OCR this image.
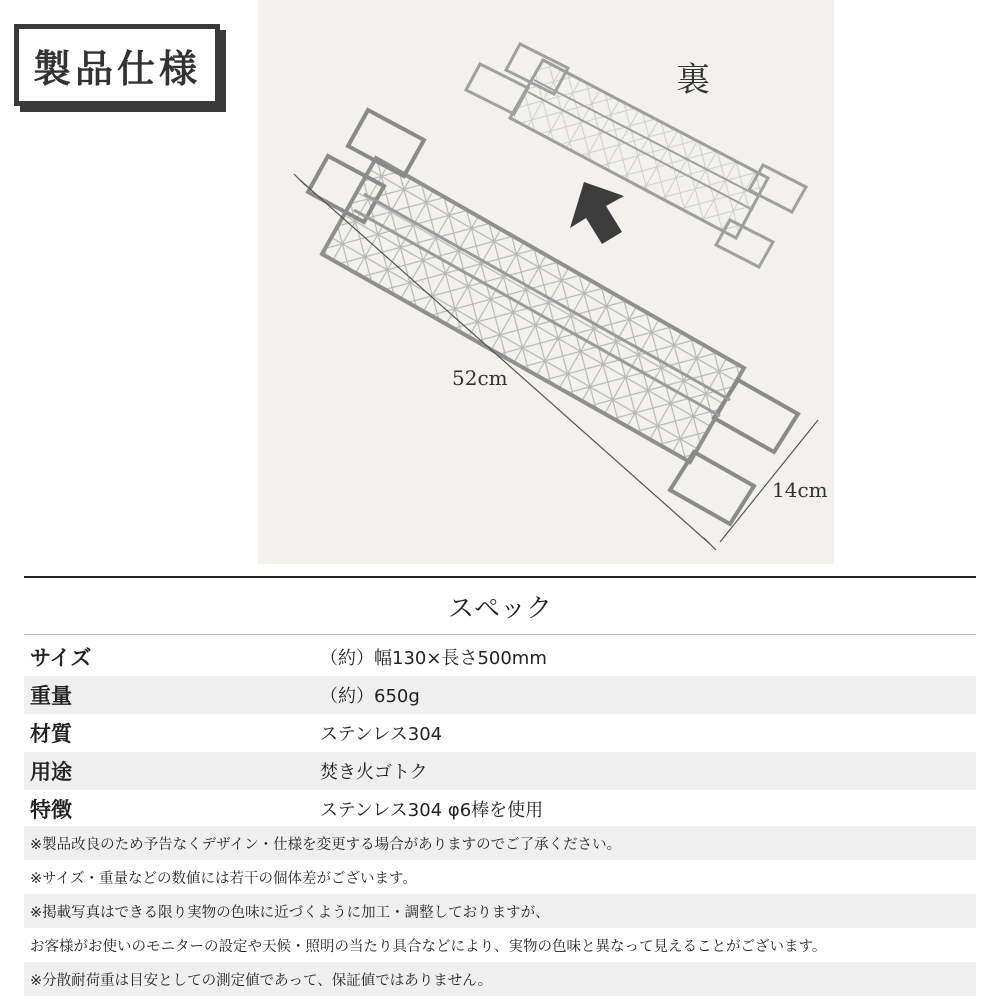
製品仕様	裏
52cm
14cm
スペック
サイズ	（約）幅130×長さ500mm
重量	（約）650g
材質	ステンレス304
用途	焚き火ゴトク
特徴	ステンレス304 φ6棒を使用
※製品改良のため予告なくデザイン・仕様を変更する場合がありますのでご了承ください。
※サイズ・重量などの数値には若干の個体差がございます。
※掲載写真はできる限り実物の色味に近づくように加工・調整しておりますが、
お客様がお使いのモニターの設定や天候・照明の当たり具合などにより、実物の色味と異なって見えることがございます。
※分散耐荷重は目安としての測定値であって、保証値ではありません。
